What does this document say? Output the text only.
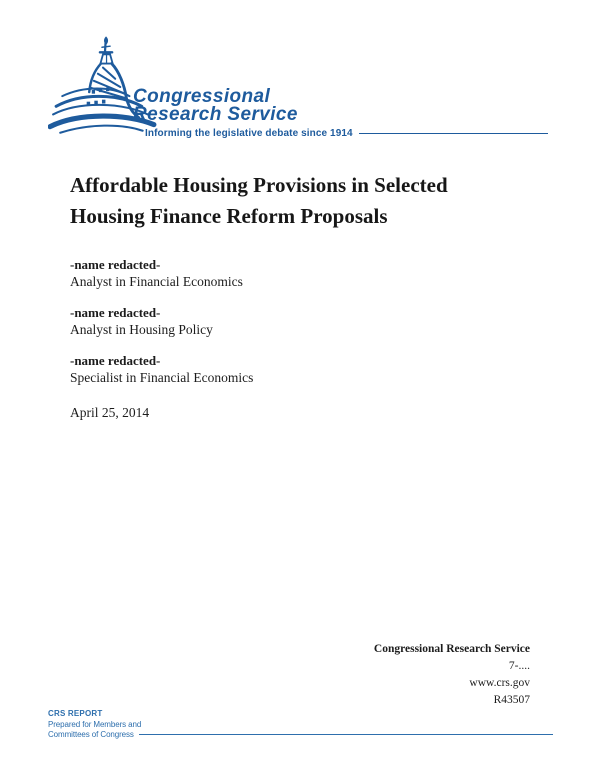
Congressional
Research Service
Informing the legislative debate since 1914
Affordable Housing Provisions in Selected
Housing Finance Reform Proposals
-name redacted-
Analyst in Financial Economics
-name redacted-
Analyst in Housing Policy
-name redacted-
Specialist in Financial Economics
April 25, 2014
Congressional Research Service
7-....
www.crs.gov
R43507
CRS REPORT
Prepared for Members and
Committees of Congress
